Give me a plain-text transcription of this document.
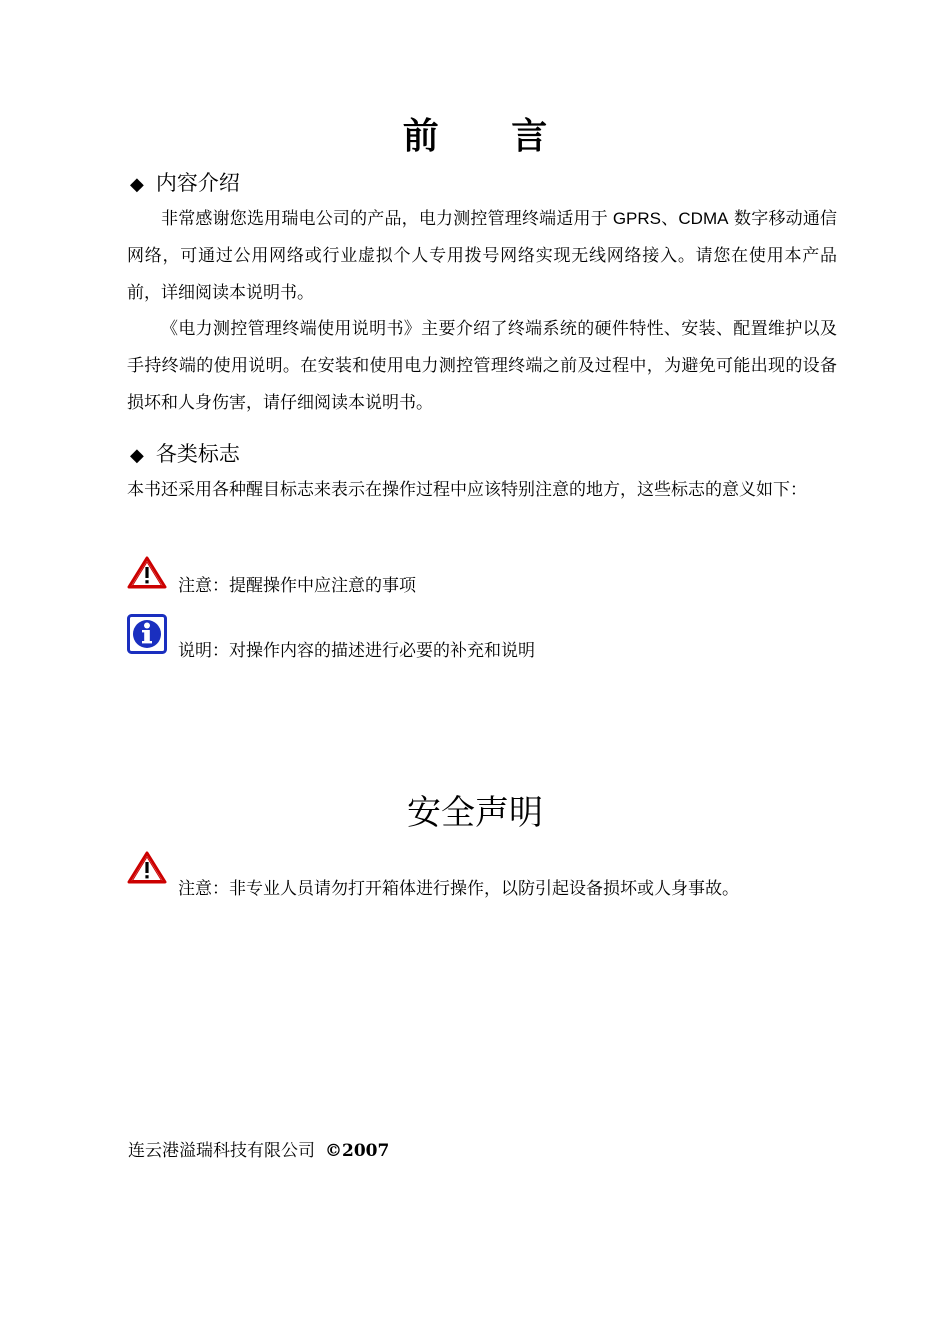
前 言
◆ 内容介绍
非常感谢您选用瑞电公司的产品，电力测控管理终端适用于 GPRS、CDMA 数字移动通信网络，可通过公用网络或行业虚拟个人专用拨号网络实现无线网络接入。请您在使用本产品前，详细阅读本说明书。
《电力测控管理终端使用说明书》主要介绍了终端系统的硬件特性、安装、配置维护以及手持终端的使用说明。在安装和使用电力测控管理终端之前及过程中，为避免可能出现的设备损坏和人身伤害，请仔细阅读本说明书。
◆ 各类标志
本书还采用各种醒目标志来表示在操作过程中应该特别注意的地方，这些标志的意义如下：
注意：提醒操作中应注意的事项
说明：对操作内容的描述进行必要的补充和说明
安全声明
注意：非专业人员请勿打开箱体进行操作，以防引起设备损坏或人身事故。
连云港溢瑞科技有限公司 ©2007
